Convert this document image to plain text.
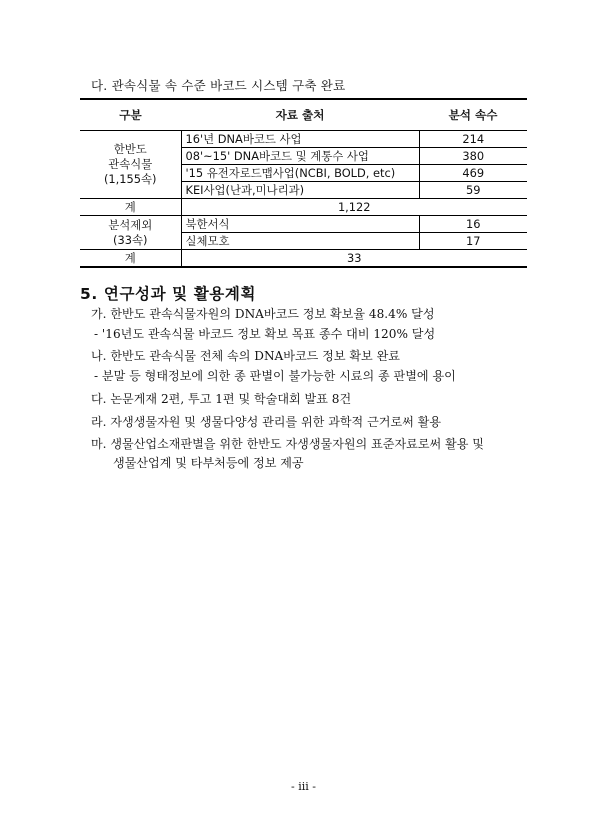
다. 관속식물 속 수준 바코드 시스템 구축 완료
구분	자료 출처	분석 속수
한반도
관속식물
(1,155속)	16'년 DNA바코드 사업	214
	08'~15' DNA바코드 및 계통수 사업	380
	'15 유전자로드맵사업(NCBI, BOLD, etc)	469
	KEI사업(난과,미나리과)	59
계	1,122	
분석제외
(33속)	북한서식	16
	실체모호	17
계	33	
5. 연구성과 및 활용계획
가. 한반도 관속식물자원의 DNA바코드 정보 확보율 48.4% 달성
- '16년도 관속식물 바코드 정보 확보 목표 종수 대비 120% 달성
나. 한반도 관속식물 전체 속의 DNA바코드 정보 확보 완료
- 분말 등 형태정보에 의한 종 판별이 불가능한 시료의 종 판별에 용이
다. 논문게재 2편, 투고 1편 및 학술대회 발표 8건
라. 자생생물자원 및 생물다양성 관리를 위한 과학적 근거로써 활용
마. 생물산업소재판별을 위한 한반도 자생생물자원의 표준자료로써 활용 및
생물산업계 및 타부처등에 정보 제공
- iii -
